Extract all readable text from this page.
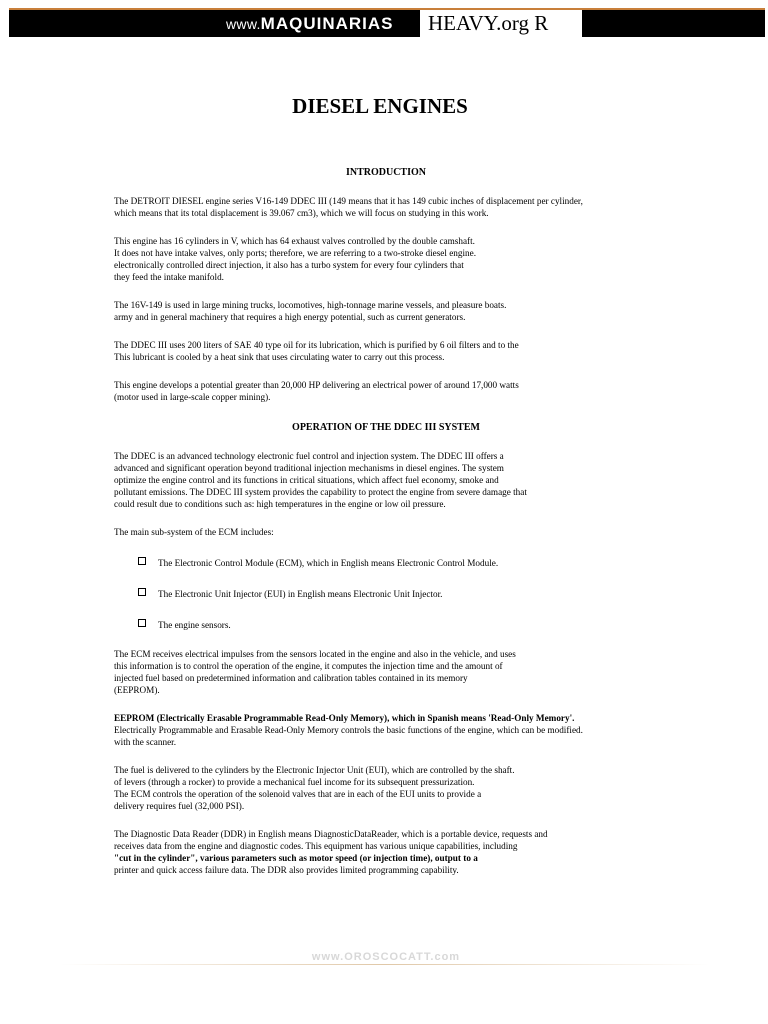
www.MAQUINARIAS	HEAVY.org R
DIESEL ENGINES
INTRODUCTION
The DETROIT DIESEL engine series V16-149 DDEC III (149 means that it has 149 cubic inches of displacement per cylinder,
which means that its total displacement is 39.067 cm3), which we will focus on studying in this work.
This engine has 16 cylinders in V, which has 64 exhaust valves controlled by the double camshaft.
It does not have intake valves, only ports; therefore, we are referring to a two-stroke diesel engine.
electronically controlled direct injection, it also has a turbo system for every four cylinders that
they feed the intake manifold.
The 16V-149 is used in large mining trucks, locomotives, high-tonnage marine vessels, and pleasure boats.
army and in general machinery that requires a high energy potential, such as current generators.
The DDEC III uses 200 liters of SAE 40 type oil for its lubrication, which is purified by 6 oil filters and to the
This lubricant is cooled by a heat sink that uses circulating water to carry out this process.
This engine develops a potential greater than 20,000 HP delivering an electrical power of around 17,000 watts
(motor used in large-scale copper mining).
OPERATION OF THE DDEC III SYSTEM
The DDEC is an advanced technology electronic fuel control and injection system. The DDEC III offers a
advanced and significant operation beyond traditional injection mechanisms in diesel engines. The system
optimize the engine control and its functions in critical situations, which affect fuel economy, smoke and
pollutant emissions. The DDEC III system provides the capability to protect the engine from severe damage that
could result due to conditions such as: high temperatures in the engine or low oil pressure.
The main sub-system of the ECM includes:
The Electronic Control Module (ECM), which in English means Electronic Control Module.
The Electronic Unit Injector (EUI) in English means Electronic Unit Injector.
The engine sensors.
The ECM receives electrical impulses from the sensors located in the engine and also in the vehicle, and uses
this information is to control the operation of the engine, it computes the injection time and the amount of
injected fuel based on predetermined information and calibration tables contained in its memory
(EEPROM).
EEPROM (Electrically Erasable Programmable Read-Only Memory), which in Spanish means 'Read-Only Memory'.
Electrically Programmable and Erasable Read-Only Memory controls the basic functions of the engine, which can be modified.
with the scanner.
The fuel is delivered to the cylinders by the Electronic Injector Unit (EUI), which are controlled by the shaft.
of levers (through a rocker) to provide a mechanical fuel income for its subsequent pressurization.
The ECM controls the operation of the solenoid valves that are in each of the EUI units to provide a
delivery requires fuel (32,000 PSI).
The Diagnostic Data Reader (DDR) in English means DiagnosticDataReader, which is a portable device, requests and
receives data from the engine and diagnostic codes. This equipment has various unique capabilities, including
"cut in the cylinder", various parameters such as motor speed (or injection time), output to a
printer and quick access failure data. The DDR also provides limited programming capability.
www.OROSCOCATT.com
